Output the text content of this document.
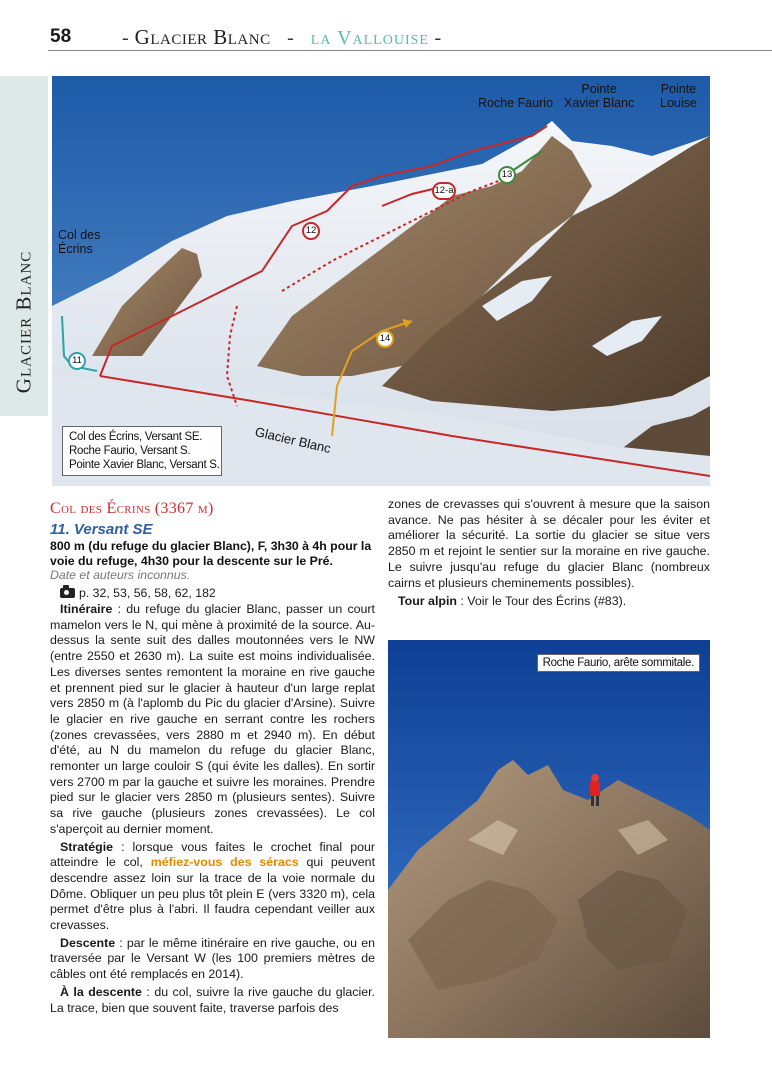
58	- Glacier Blanc - la Vallouise -
Glacier Blanc
Col des
Écrins
Roche Faurio
Pointe
Xavier Blanc
Pointe
Louise
11
12
12-a
13
14
Glacier Blanc
Col des Écrins, Versant SE.
Roche Faurio, Versant S.
Pointe Xavier Blanc, Versant S.
Col des Écrins (3367 m)
11. Versant SE
800 m (du refuge du glacier Blanc), F, 3h30 à 4h pour la voie du refuge, 4h30 pour la descente sur le Pré.
Date et auteurs inconnus.
p. 32, 53, 56, 58, 62, 182

Itinéraire : du refuge du glacier Blanc, passer un court mamelon vers le N, qui mène à proximité de la source. Au-dessus la sente suit des dalles moutonnées vers le NW (entre 2550 et 2630 m). La suite est moins individualisée. Les diverses sentes remontent la moraine en rive gauche et prennent pied sur le glacier à hauteur d'un large replat vers 2850 m (à l'aplomb du Pic du glacier d'Arsine). Suivre le glacier en rive gauche en serrant contre les rochers (zones crevassées, vers 2880 m et 2940 m). En début d'été, au N du mamelon du refuge du glacier Blanc, remonter un large couloir S (qui évite les dalles). En sortir vers 2700 m par la gauche et suivre les moraines. Prendre pied sur le glacier vers 2850 m (plusieurs sentes). Suivre sa rive gauche (plusieurs zones crevassées). Le col s'aperçoit au dernier moment.

Stratégie : lorsque vous faites le crochet final pour atteindre le col, méfiez-vous des séracs qui peuvent descendre assez loin sur la trace de la voie normale du Dôme. Obliquer un peu plus tôt plein E (vers 3320 m), cela permet d'être plus à l'abri. Il faudra cependant veiller aux crevasses.

Descente : par le même itinéraire en rive gauche, ou en traversée par le Versant W (les 100 premiers mètres de câbles ont été remplacés en 2014).

À la descente : du col, suivre la rive gauche du glacier. La trace, bien que souvent faite, traverse parfois des

zones de crevasses qui s'ouvrent à mesure que la saison avance. Ne pas hésiter à se décaler pour les éviter et améliorer la sécurité. La sortie du glacier se situe vers 2850 m et rejoint le sentier sur la moraine en rive gauche. Le suivre jusqu'au refuge du glacier Blanc (nombreux cairns et plusieurs cheminements possibles).

Tour alpin : Voir le Tour des Écrins (#83).

Roche Faurio, arête sommitale.
